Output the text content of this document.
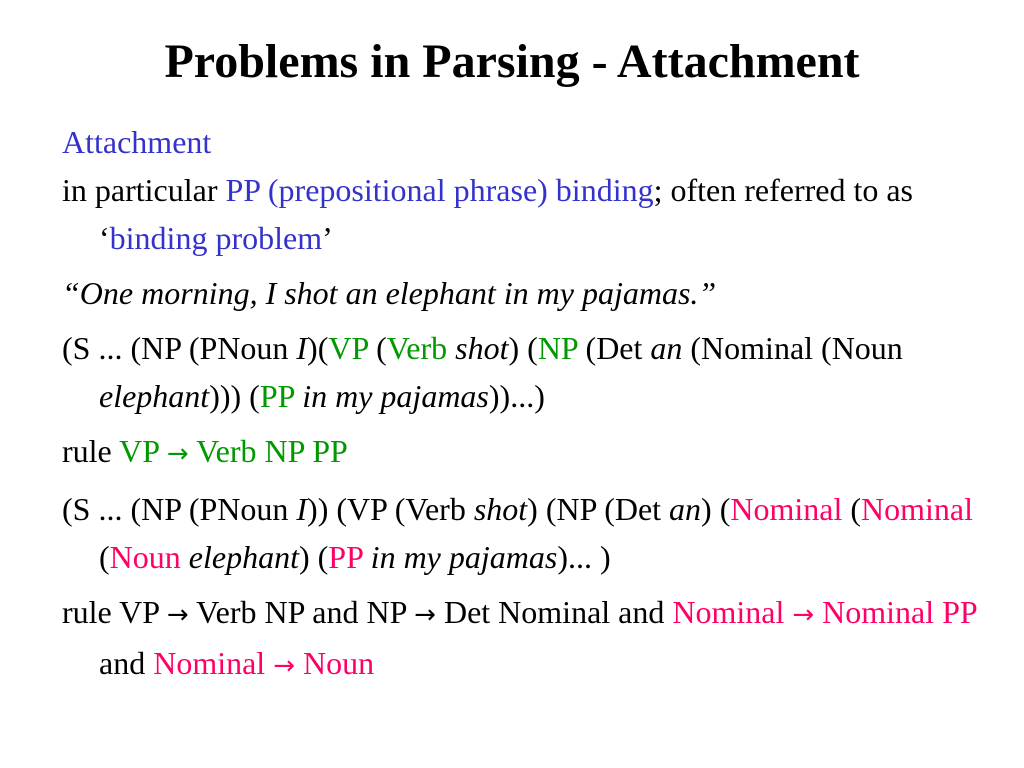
Problems in Parsing - Attachment
Attachment
in particular PP (prepositional phrase) binding; often referred to as ‘binding problem’
“One morning, I shot an elephant in my pajamas.”
(S ... (NP (PNoun I)(VP (Verb shot) (NP (Det an (Nominal (Noun elephant))) (PP in my pajamas))...)
rule VP → Verb NP PP
(S ... (NP (PNoun I)) (VP (Verb shot) (NP (Det an) (Nominal (Nominal (Noun elephant) (PP in my pajamas)... )
rule VP → Verb NP and NP → Det Nominal and Nominal → Nominal PP and Nominal → Noun
